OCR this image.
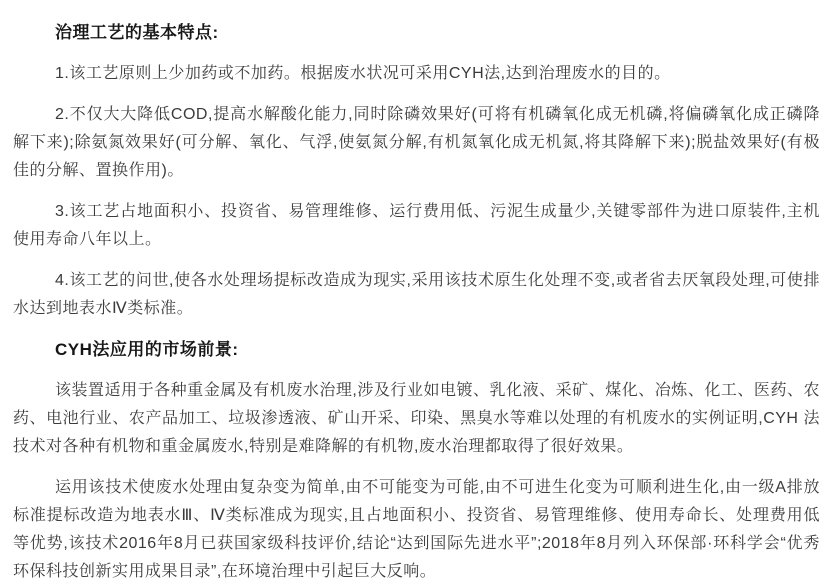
治理工艺的基本特点:

1.该工艺原则上少加药或不加药。根据废水状况可采用CYH法,达到治理废水的目的。

2.不仅大大降低COD,提高水解酸化能力,同时除磷效果好(可将有机磷氧化成无机磷,将偏磷氧化成正磷降解下来);除氨氮效果好(可分解、氧化、气浮,使氨氮分解,有机氮氧化成无机氮,将其降解下来);脱盐效果好(有极佳的分解、置换作用)。

3.该工艺占地面积小、投资省、易管理维修、运行费用低、污泥生成量少,关键零部件为进口原装件,主机使用寿命八年以上。

4.该工艺的问世,使各水处理场提标改造成为现实,采用该技术原生化处理不变,或者省去厌氧段处理,可使排水达到地表水Ⅳ类标准。

CYH法应用的市场前景:

该装置适用于各种重金属及有机废水治理,涉及行业如电镀、乳化液、采矿、煤化、冶炼、化工、医药、农药、电池行业、农产品加工、垃圾渗透液、矿山开采、印染、黑臭水等难以处理的有机废水的实例证明,CYH 法技术对各种有机物和重金属废水,特别是难降解的有机物,废水治理都取得了很好效果。

运用该技术使废水处理由复杂变为简单,由不可能变为可能,由不可进生化变为可顺利进生化,由一级A排放标准提标改造为地表水Ⅲ、Ⅳ类标准成为现实,且占地面积小、投资省、易管理维修、使用寿命长、处理费用低等优势,该技术2016年8月已获国家级科技评价,结论“达到国际先进水平”;2018年8月列入环保部·环科学会“优秀环保科技创新实用成果目录”,在环境治理中引起巨大反响。
